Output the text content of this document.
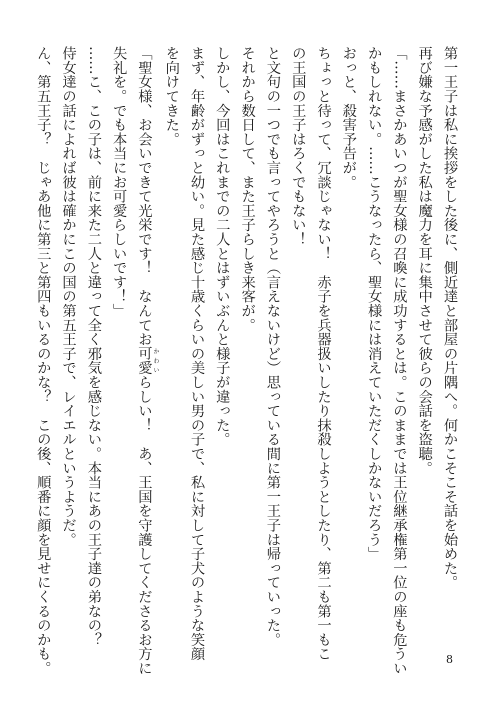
第一王子は私に挨拶をした後に、側近達と部屋の片隅へ。何かこそこそ話を始めた。

再び嫌な予感がした私は魔力を耳に集中させて彼らの会話を盗聴。

「……まさかあいつが聖女様の召喚に成功するとは。このままでは王位継承権第一位の座も危うい

かもしれない。……こうなったら、聖女様には消えていただくしかないだろう」

おっと、殺害予告が。

ちょっと待って、冗談じゃない！　赤子を兵器扱いしたり抹殺しようとしたり、第二も第一もこ

の王国の王子はろくでもない！

と文句の一つでも言ってやろうと（言えないけど）思っている間に第一王子は帰っていった。

それから数日して、また王子らしき来客が。

しかし、今回はこれまでの二人とはずいぶんと様子が違った。

まず、年齢がずっと幼い。見た感じ十歳くらいの美しい男の子で、私に対して子犬のような笑顔

を向けてきた。

「聖女様、お会いできて光栄です！　なんてお可愛 かわいらしい！　あ、王国を守護してくださるお方に

失礼を。でも本当にお可愛らしいです！」

……こ、この子は、前に来た二人と違って全く邪気を感じない。本当にあの王子達の弟なの？

侍女達の話によれば彼は確かにこの国の第五王子で、レイエルというようだ。

ん、第五王子？　じゃあ他に第三と第四もいるのかな？　この後、順番に顔を見せにくるのかも。	8
